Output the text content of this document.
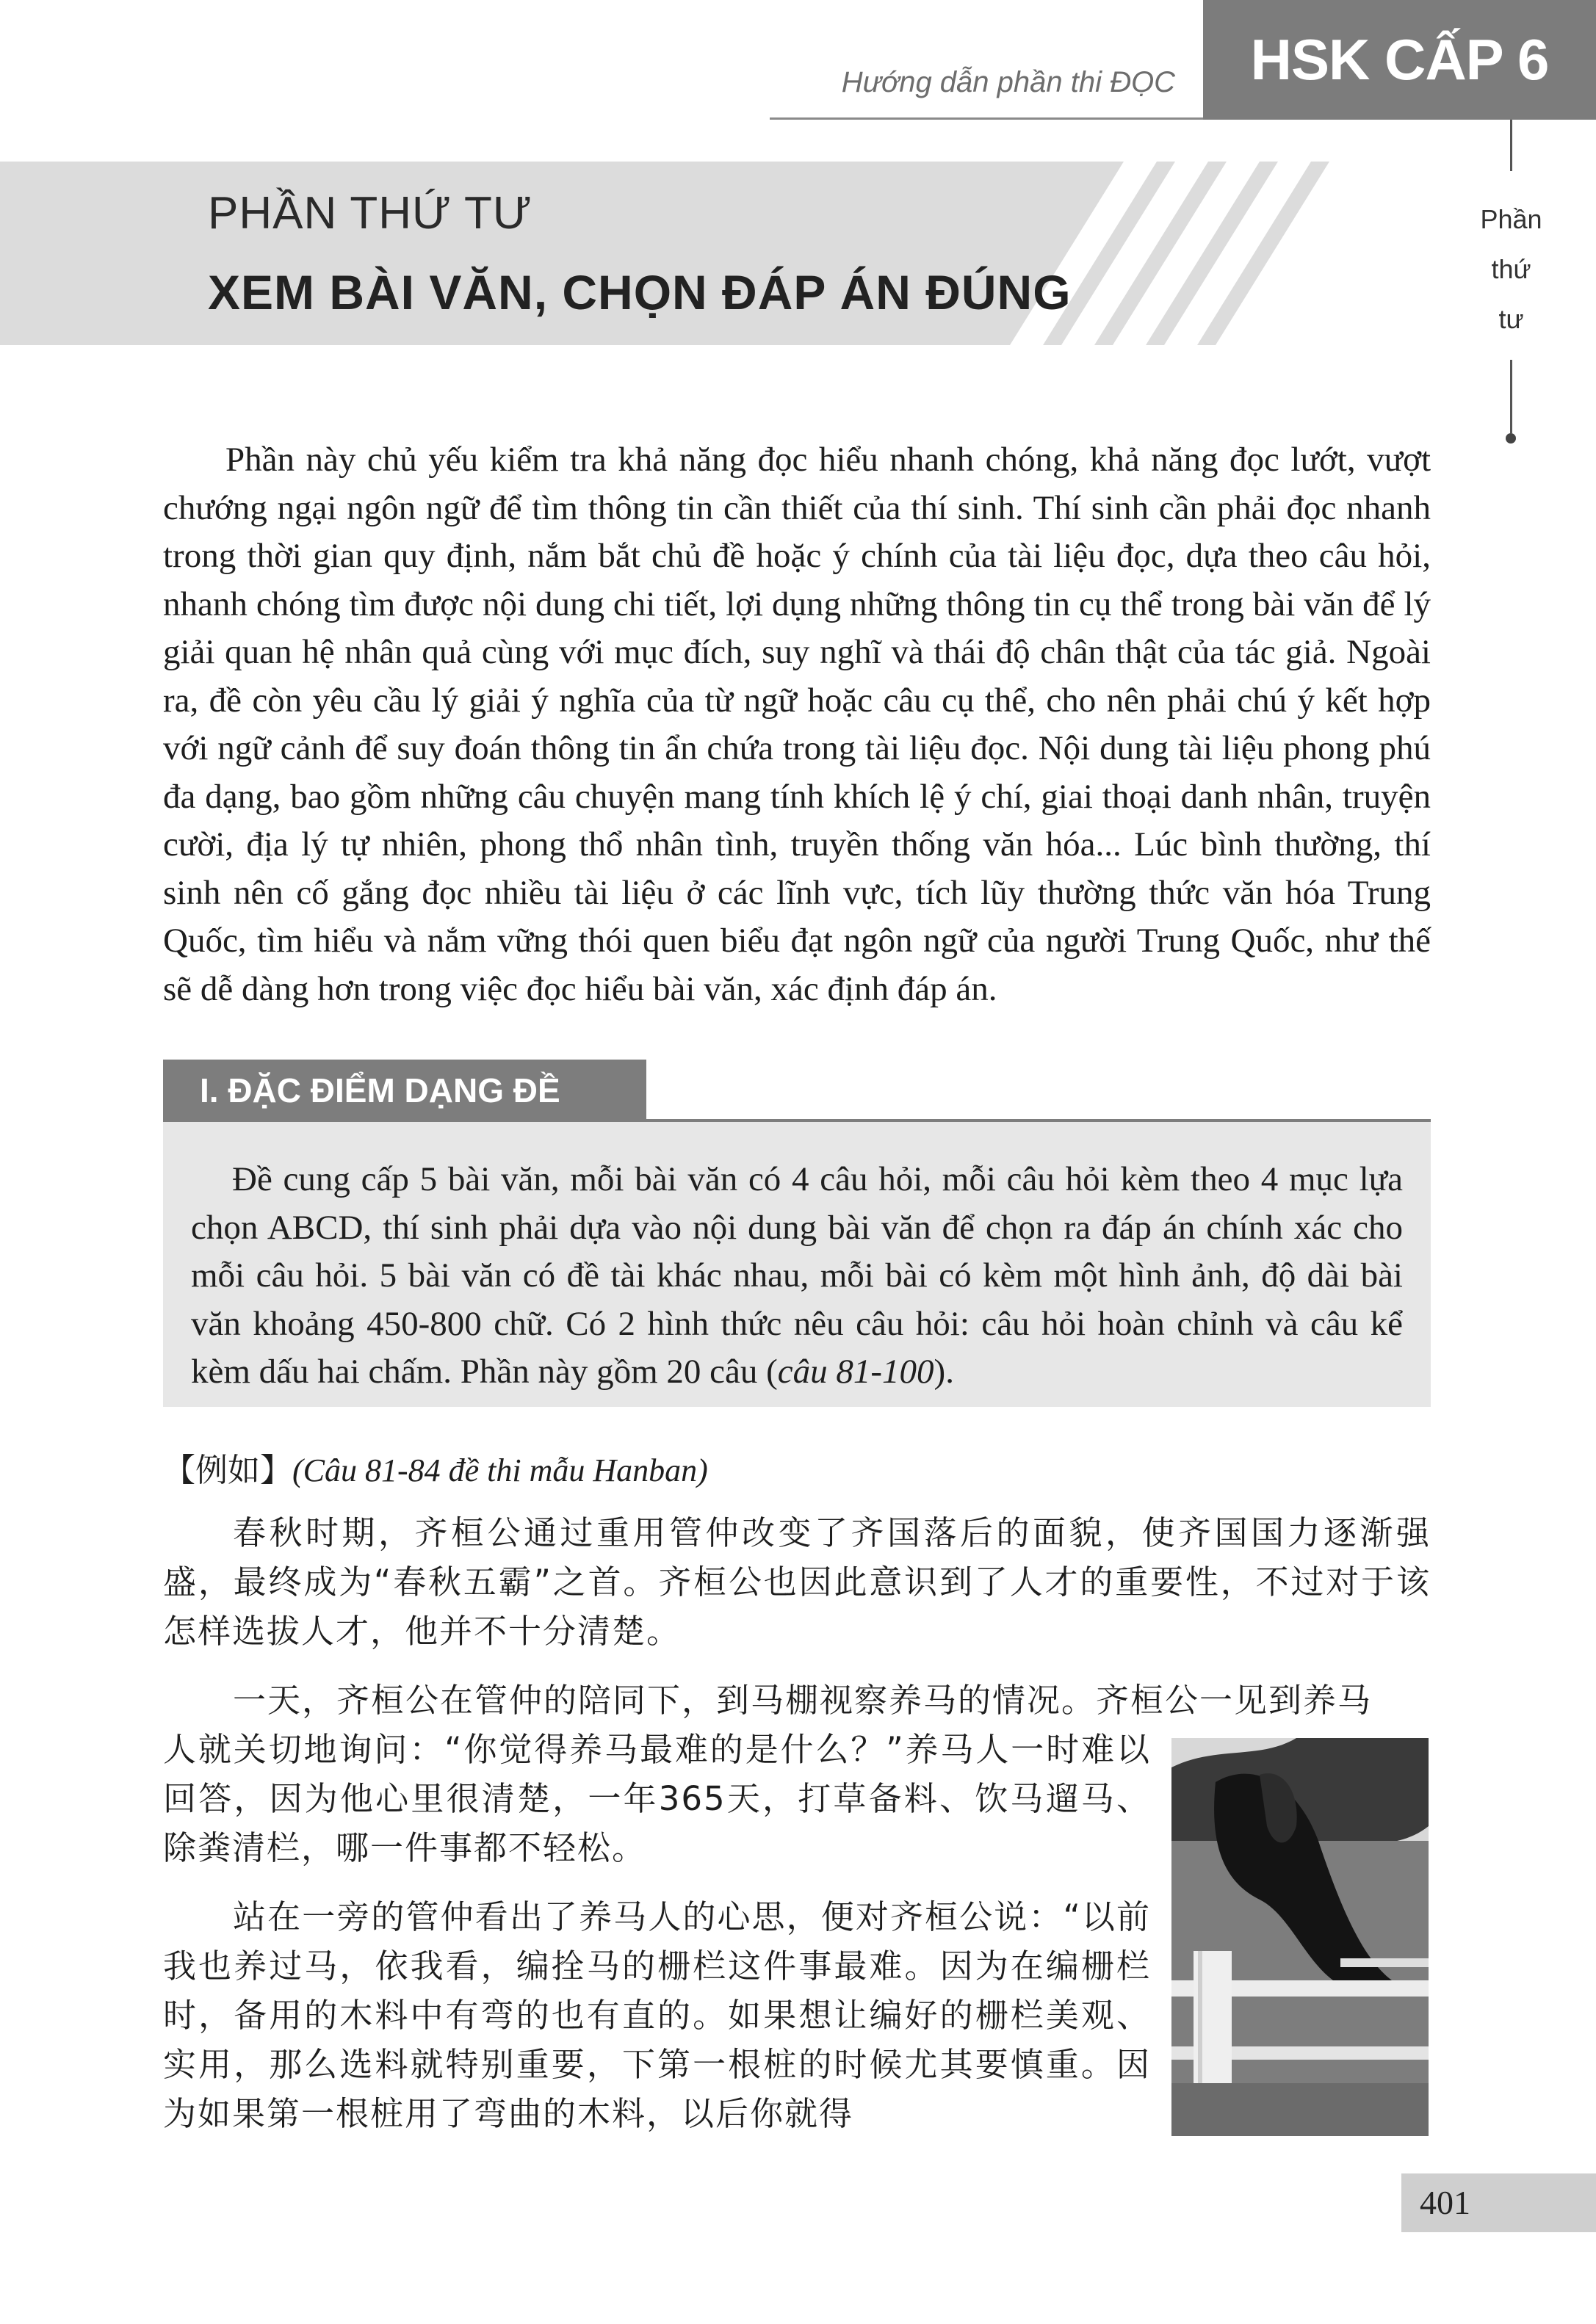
Hướng dẫn phần thi ĐỌC	HSK CẤP 6
Phần
thứ
tư
PHẦN THỨ TƯ
XEM BÀI VĂN, CHỌN ĐÁP ÁN ĐÚNG

Phần này chủ yếu kiểm tra khả năng đọc hiểu nhanh chóng, khả năng đọc lướt, vượt chướng ngại ngôn ngữ để tìm thông tin cần thiết của thí sinh. Thí sinh cần phải đọc nhanh trong thời gian quy định, nắm bắt chủ đề hoặc ý chính của tài liệu đọc, dựa theo câu hỏi, nhanh chóng tìm được nội dung chi tiết, lợi dụng những thông tin cụ thể trong bài văn để lý giải quan hệ nhân quả cùng với mục đích, suy nghĩ và thái độ chân thật của tác giả. Ngoài ra, đề còn yêu cầu lý giải ý nghĩa của từ ngữ hoặc câu cụ thể, cho nên phải chú ý kết hợp với ngữ cảnh để suy đoán thông tin ẩn chứa trong tài liệu đọc. Nội dung tài liệu phong phú đa dạng, bao gồm những câu chuyện mang tính khích lệ ý chí, giai thoại danh nhân, truyện cười, địa lý tự nhiên, phong thổ nhân tình, truyền thống văn hóa... Lúc bình thường, thí sinh nên cố gắng đọc nhiều tài liệu ở các lĩnh vực, tích lũy thường thức văn hóa Trung Quốc, tìm hiểu và nắm vững thói quen biểu đạt ngôn ngữ của người Trung Quốc, như thế sẽ dễ dàng hơn trong việc đọc hiểu bài văn, xác định đáp án.

I. ĐẶC ĐIỂM DẠNG ĐỀ

Đề cung cấp 5 bài văn, mỗi bài văn có 4 câu hỏi, mỗi câu hỏi kèm theo 4 mục lựa chọn ABCD, thí sinh phải dựa vào nội dung bài văn để chọn ra đáp án chính xác cho mỗi câu hỏi. 5 bài văn có đề tài khác nhau, mỗi bài có kèm một hình ảnh, độ dài bài văn khoảng 450-800 chữ. Có 2 hình thức nêu câu hỏi: câu hỏi hoàn chỉnh và câu kể kèm dấu hai chấm. Phần này gồm 20 câu (câu 81-100).

【例如】(Câu 81-84 đề thi mẫu Hanban)

春秋时期，齐桓公通过重用管仲改变了齐国落后的面貌，使齐国国力逐渐强盛，最终成为“春秋五霸”之首。齐桓公也因此意识到了人才的重要性，不过对于该怎样选拔人才，他并不十分清楚。

一天，齐桓公在管仲的陪同下，到马棚视察养马的情况。齐桓公一见到养马

人就关切地询问：“你觉得养马最难的是什么？”养马人一时难以回答，因为他心里很清楚，一年365天，打草备料、饮马遛马、除粪清栏，哪一件事都不轻松。

站在一旁的管仲看出了养马人的心思，便对齐桓公说：“以前我也养过马，依我看，编拴马的栅栏这件事最难。因为在编栅栏时，备用的木料中有弯的也有直的。如果想让编好的栅栏美观、实用，那么选料就特别重要，下第一根桩的时候尤其要慎重。因为如果第一根桩用了弯曲的木料，以后你就得

401
